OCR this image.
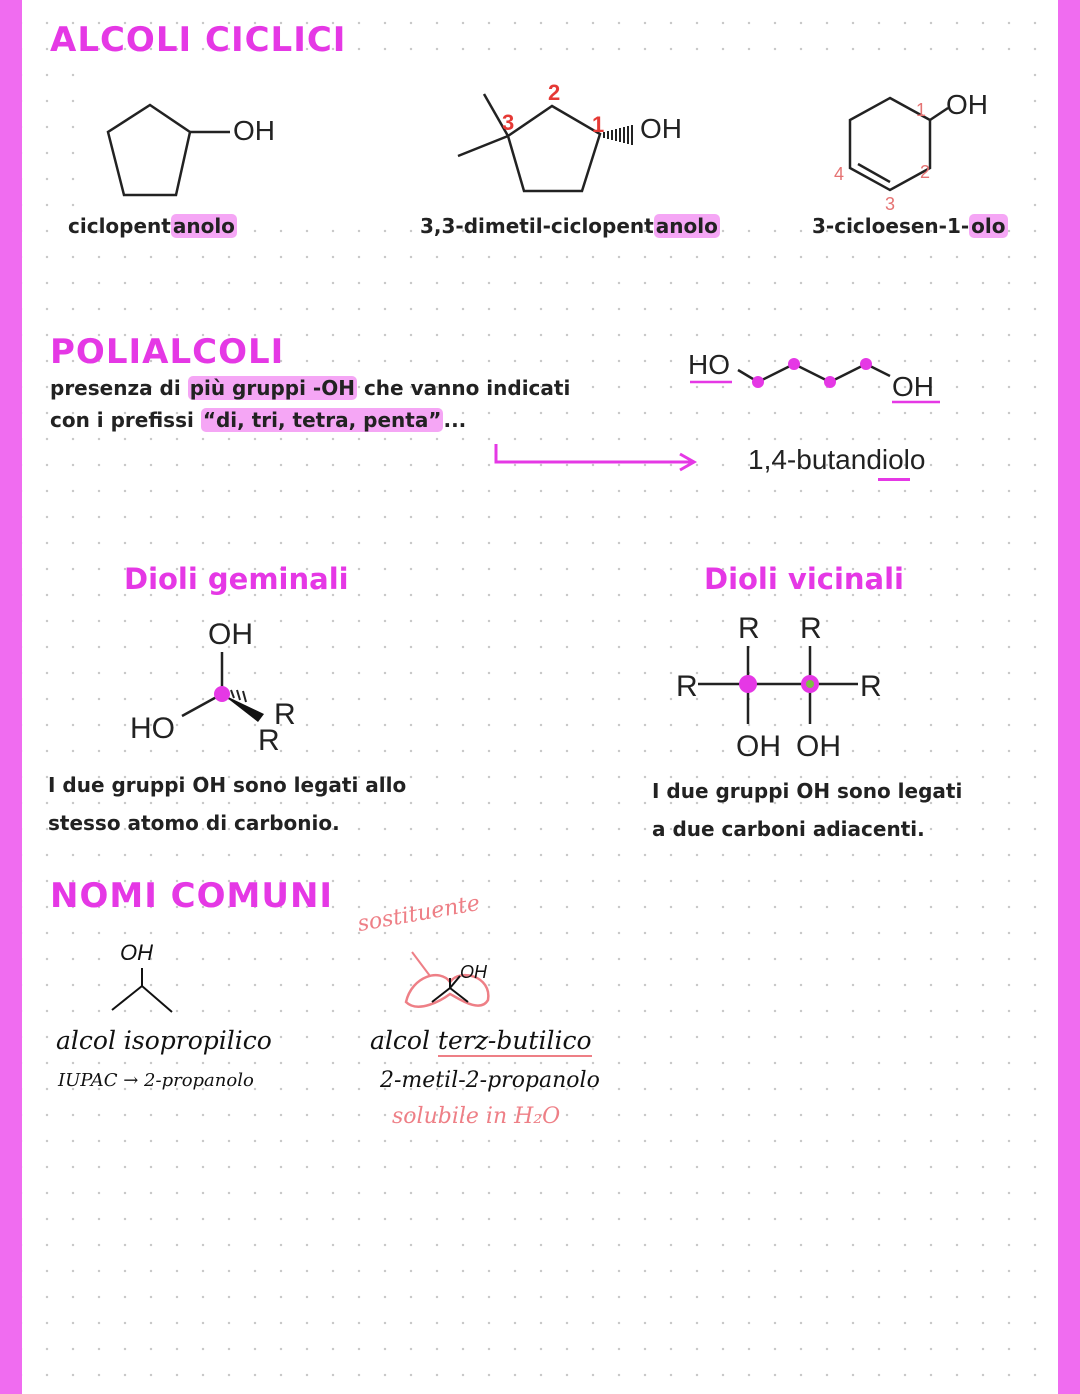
ALCOLI CICLICI
OH
ciclopent anolo
3
2
1 OH
3,3-dimetil-ciclopent anolo
OH
1
2
3
4
3-cicloesen-1- olo
POLIALCOLI
presenza di più gruppi -OH che vanno indicati
con i prefissi “di, tri, tetra, penta” ...
HO
OH
1,4-butandiolo
Dioli geminali
OH
HO	R
R
I due gruppi OH sono legati allo
stesso atomo di carbonio.
Dioli vicinali
R R
R	R
OH OH
I due gruppi OH sono legati
a due carboni adiacenti.
NOMI COMUNI
OH
alcol isopropilico
IUPAC → 2-propanolo
sostituente
OH
alcol terz-butilico
2-metil-2-propanolo
solubile in H₂O
